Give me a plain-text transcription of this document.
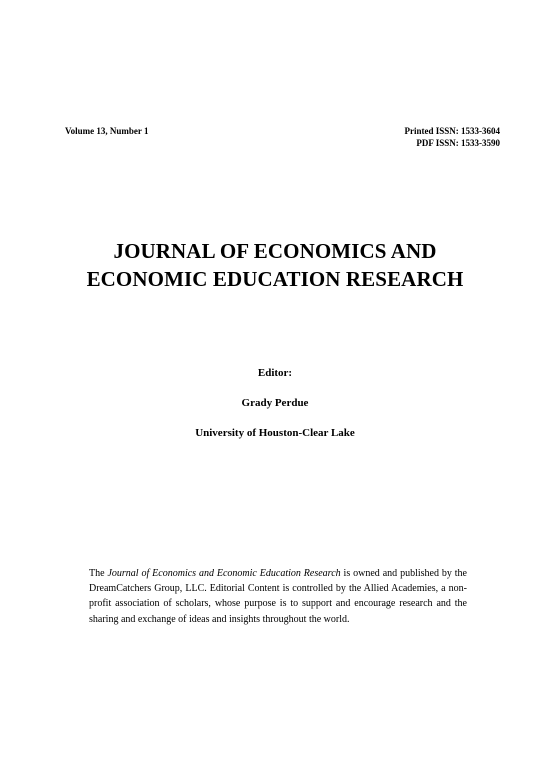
Volume 13, Number 1	Printed ISSN: 1533-3604
PDF ISSN: 1533-3590
JOURNAL OF ECONOMICS AND
ECONOMIC EDUCATION RESEARCH
Editor:
Grady Perdue
University of Houston-Clear Lake
The Journal of Economics and Economic Education Research is owned and published by the DreamCatchers Group, LLC. Editorial Content is controlled by the Allied Academies, a non-profit association of scholars, whose purpose is to support and encourage research and the sharing and exchange of ideas and insights throughout the world.
